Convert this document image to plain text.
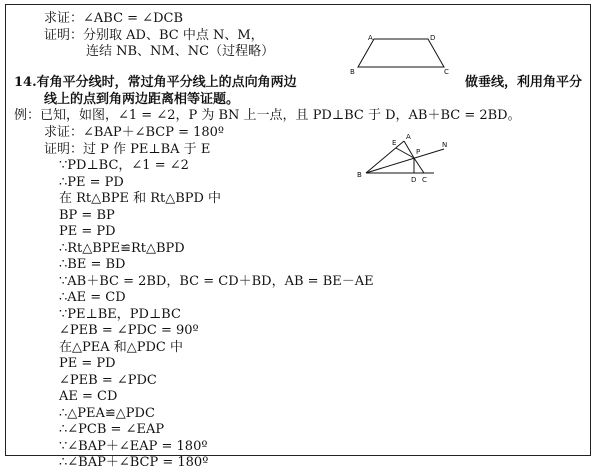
求证：∠ABC = ∠DCB
证明：分别取 AD、BC 中点 N、M，
连结 NB、NM、NC（过程略）
A	D
B	C
14.有角平分线时，常过角平分线上的点向角两边	做垂线，利用角平分
线上的点到角两边距离相等证题。
例：已知，如图，∠1 = ∠2，P 为 BN 上一点，且 PD⊥BC 于 D，AB＋BC = 2BD。
求证：∠BAP＋∠BCP = 180º
证明：过 P 作 PE⊥BA 于 E	E
A
P
N
B
D C
∵PD⊥BC，∠1 = ∠2
∴PE = PD
在 Rt△BPE 和 Rt△BPD 中
BP = BP
PE = PD
∴Rt△BPE≌Rt△BPD
∴BE = BD
∵AB＋BC = 2BD，BC = CD＋BD，AB = BE－AE
∴AE = CD
∵PE⊥BE，PD⊥BC
∠PEB = ∠PDC = 90º
在△PEA 和△PDC 中
PE = PD
∠PEB = ∠PDC
AE = CD
∴△PEA≌△PDC
∴∠PCB = ∠EAP
∵∠BAP＋∠EAP = 180º
∴∠BAP＋∠BCP = 180º
